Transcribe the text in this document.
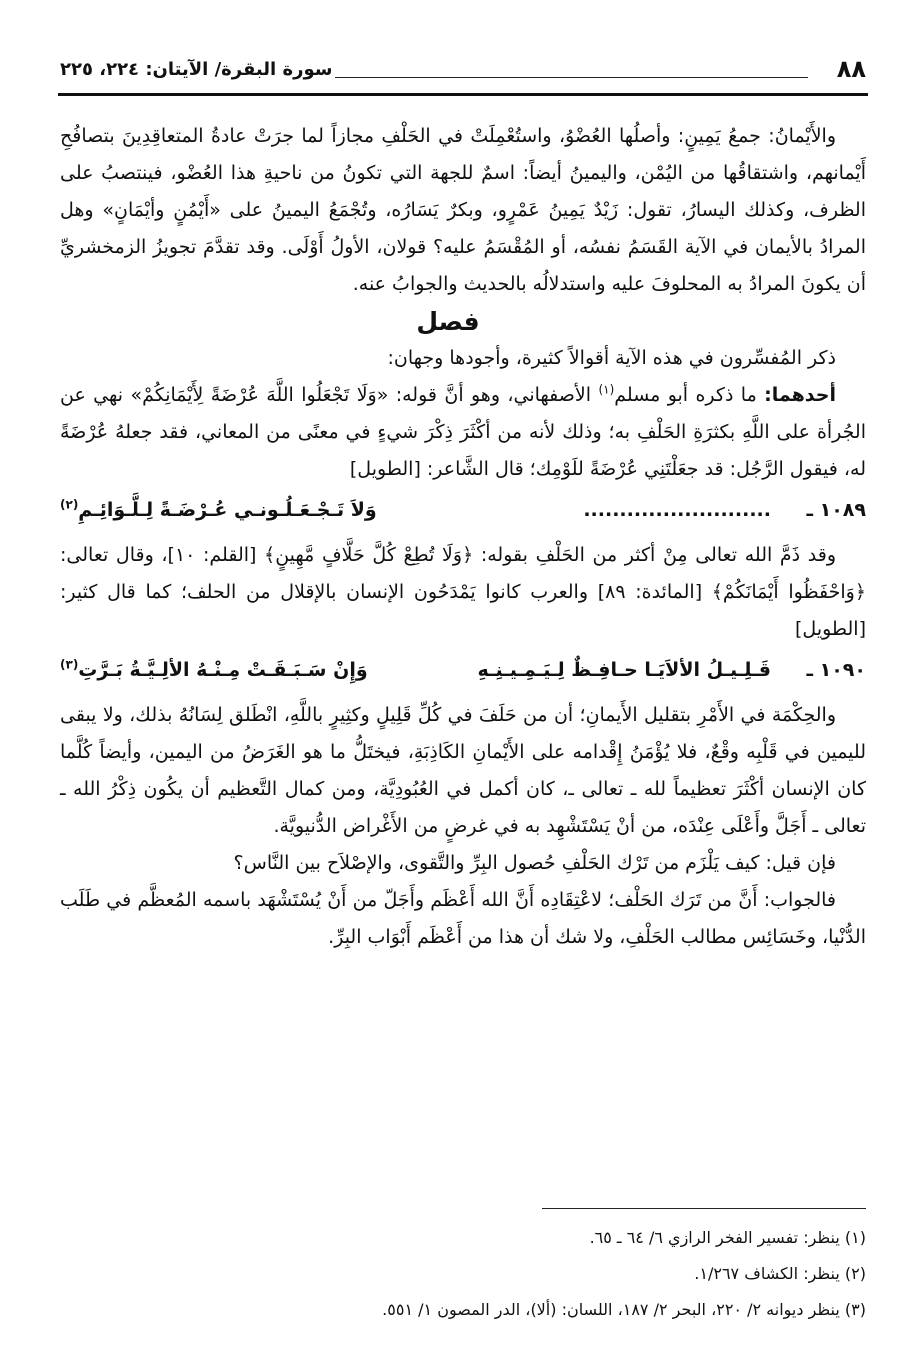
٨٨
سورة البقرة/ الآيتان: ٢٢٤، ٢٢٥

والأَيْمانُ: جمعُ يَمِينٍ: وأصلُها العُضْوُ، واستُعْمِلَتْ في الحَلْفِ مجازاً لما جرَتْ عادةُ المتعاقِدِينَ بتصافُحِ أَيْمانهم، واشتقاقُها من اليُمْن، واليمينُ أيضاً: اسمٌ للجهة التي تكونُ من ناحيةِ هذا العُضْو، فينتصبُ على الظرف، وكذلك اليسارُ، تقول: زَيْدٌ يَمِينُ عَمْرٍو، وبكرٌ يَسَارُه، وتُجْمَعُ اليمينُ على «أَيْمُنٍ وأيْمَانٍ» وهل المرادُ بالأيمان في الآية القَسَمُ نفسُه، أو المُقْسَمُ عليه؟ قولان، الأولُ أَوْلَى. وقد تقدَّمَ تجويزُ الزمخشريِّ أن يكونَ المرادُ به المحلوفَ عليه واستدلالُه بالحديث والجوابُ عنه.

فصل

ذكر المُفسِّرون في هذه الآية أقوالاً كثيرة، وأجودها وجهان:

أحدهما: ما ذكره أبو مسلم$^{(١)}$ الأصفهاني، وهو أنَّ قوله: «وَلَا تَجْعَلُوا اللَّهَ عُرْضَةً لِأَيْمَانِكُمْ» نهي عن الجُرأة على اللَّهِ بكثرَةِ الحَلْفِ به؛ وذلك لأنه من أكْثَرَ ذِكْرَ شيءٍ في معنًى من المعاني، فقد جعلهُ عُرْضَةً له، فيقول الرَّجُل: قد جعَلْتَنِي عُرْضَةً للَوْمِك؛ قال الشَّاعر: [الطويل]

١٠٨٩ ـ
..........................
وَلاَ تَـجْـعَـلُـونـي عُـرْضَـةً لِـلَّـوَائِـمِ$^{(٢)}$

وقد ذَمَّ الله تعالى مِنْ أكثر من الحَلْفِ بقوله: ﴿وَلَا تُطِعْ كُلَّ حَلَّافٍ مَّهِينٍ﴾ [القلم: ١٠]، وقال تعالى: ﴿وَاحْفَظُوا أَيْمَانَكُمْ﴾ [المائدة: ٨٩] والعرب كانوا يَمْدَحُون الإنسان بالإقلال من الحلف؛ كما قال كثير: [الطويل]

١٠٩٠ ـ
قَـلِـيـلُ الألاَيَـا حـافِـظٌ لِـيَـمِـيـنِـهِ
وَإِنْ سَـبَـقَـتْ مِـنْـهُ الألِـيَّـةُ بَـرَّتِ$^{(٣)}$

والحِكْمَة في الأَمْرِ بتقليل الأَيمانِ؛ أن من حَلَفَ في كُلِّ قَلِيلٍ وكثِيرٍ باللَّهِ، انْطَلق لِسَانُهُ بذلك، ولا يبقى لليمين في قَلْبِه وقْعٌ، فلا يُؤْمَنُ إِقْدامه على الأَيْمانِ الكَاذِبَةِ، فيختَلُّ ما هو الغَرَضُ من اليمين، وأيضاً كُلَّما كان الإنسان أكْثَرَ تعظيماً لله ـ تعالى ـ، كان أكمل في العُبُودِيَّة، ومن كمال التَّعظيم أن يكُون ذِكْرُ الله ـ تعالى ـ أَجَلَّ وأَعْلَى عِنْدَه، من أنْ يَسْتَشْهِد به في غرضٍ من الأَغْراض الدُّنيويَّة.

فإن قيل: كيف يَلْزَم من تَرْك الحَلْفِ حُصول البِرِّ والتَّقوى، والإصْلاَح بين النَّاس؟

فالجواب: أَنَّ من تَرَك الحَلْف؛ لاعْتِقَادِه أَنَّ الله أَعْظَم وأَجَلّ من أَنْ يُسْتَشْهَد باسمه المُعظَّم في طَلَب الدُّنْيا، وخَسَائِس مطالب الحَلْفِ، ولا شك أن هذا من أَعْظَم أَبْوَاب البِرِّ.

(١) ينظر: تفسير الفخر الرازي ٦/ ٦٤ ـ ٦٥.
(٢) ينظر: الكشاف ١/٢٦٧.
(٣) ينظر ديوانه ٢/ ٢٢٠، البحر ٢/ ١٨٧، اللسان: (ألا)، الدر المصون ١/ ٥٥١.
